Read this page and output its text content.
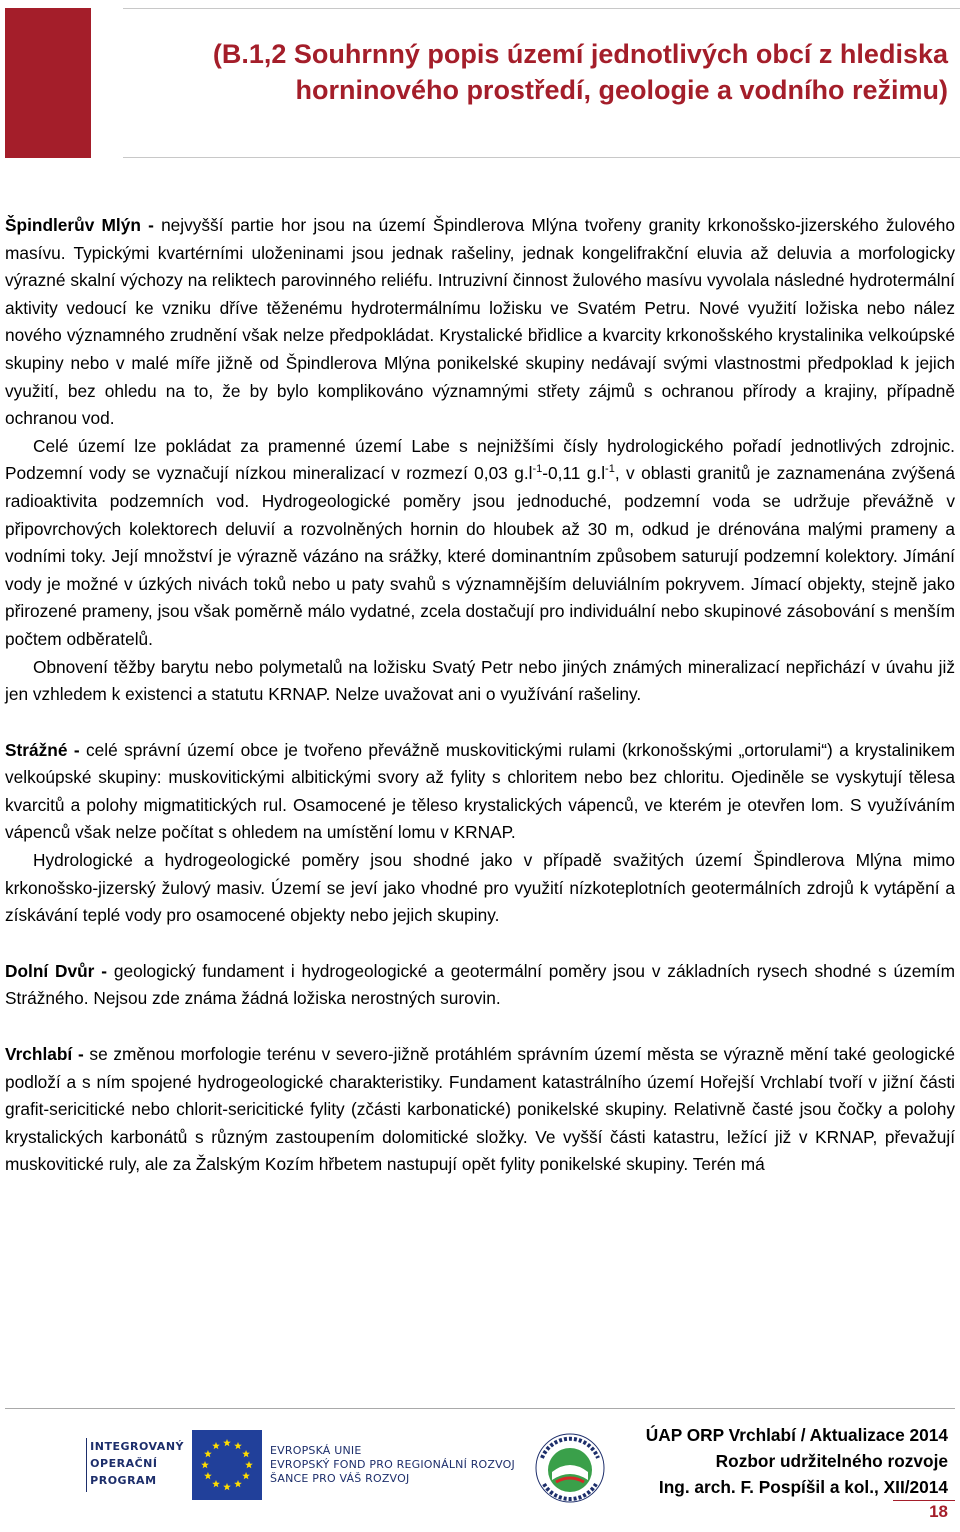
(B.1,2 Souhrnný popis území jednotlivých obcí z hlediska
horninového prostředí, geologie a vodního režimu)

Špindlerův Mlýn - nejvyšší partie hor jsou na území Špindlerova Mlýna tvořeny granity krkonošsko-jizerského žulového masívu. Typickými kvartérními uloženinami jsou jednak rašeliny, jednak kongelifrakční eluvia až deluvia a morfologicky výrazné skalní výchozy na reliktech parovinného reliéfu. Intruzivní činnost žulového masívu vyvolala následné hydrotermální aktivity vedoucí ke vzniku dříve těženému hydrotermálnímu ložisku ve Svatém Petru. Nové využití ložiska nebo nález nového významného zrudnění však nelze předpokládat. Krystalické břidlice a kvarcity krkonošského krystalinika velkoúpské skupiny nebo v malé míře jižně od Špindlerova Mlýna ponikelské skupiny nedávají svými vlastnostmi předpoklad k jejich využití, bez ohledu na to, že by bylo komplikováno významnými střety zájmů s ochranou přírody a krajiny, případně ochranou vod.

Celé území lze pokládat za pramenné území Labe s nejnižšími čísly hydrologického pořadí jednotlivých zdrojnic. Podzemní vody se vyznačují nízkou mineralizací v rozmezí 0,03 $g.l^{-1}-0,11$ $g.l^{-1}$, v oblasti granitů je zaznamenána zvýšená radioaktivita podzemních vod. Hydrogeologické poměry jsou jednoduché, podzemní voda se udržuje převážně v připovrchových kolektorech deluvií a rozvolněných hornin do hloubek až 30 m, odkud je drénována malými prameny a vodními toky. Její množství je výrazně vázáno na srážky, které dominantním způsobem saturují podzemní kolektory. Jímání vody je možné v úzkých nivách toků nebo u paty svahů s významnějším deluviálním pokryvem. Jímací objekty, stejně jako přirozené prameny, jsou však poměrně málo vydatné, zcela dostačují pro individuální nebo skupinové zásobování s menším počtem odběratelů.

Obnovení těžby barytu nebo polymetalů na ložisku Svatý Petr nebo jiných známých mineralizací nepřichází v úvahu již jen vzhledem k existenci a statutu KRNAP. Nelze uvažovat ani o využívání rašeliny.

Strážné - celé správní území obce je tvořeno převážně muskovitickými rulami (krkonošskými „ortorulami“) a krystalinikem velkoúpské skupiny: muskovitickými albitickými svory až fylity s chloritem nebo bez chloritu. Ojediněle se vyskytují tělesa kvarcitů a polohy migmatitických rul. Osamocené je těleso krystalických vápenců, ve kterém je otevřen lom. S využíváním vápenců však nelze počítat s ohledem na umístění lomu v KRNAP.

Hydrologické a hydrogeologické poměry jsou shodné jako v případě svažitých území Špindlerova Mlýna mimo krkonošsko-jizerský žulový masiv. Území se jeví jako vhodné pro využití nízkoteplotních geotermálních zdrojů k vytápění a získávání teplé vody pro osamocené objekty nebo jejich skupiny.

Dolní Dvůr - geologický fundament i hydrogeologické a geotermální poměry jsou v základních rysech shodné s územím Strážného. Nejsou zde známa žádná ložiska nerostných surovin.

Vrchlabí - se změnou morfologie terénu v severo-jižně protáhlém správním území města se výrazně mění také geologické podloží a s ním spojené hydrogeologické charakteristiky. Fundament katastrálního území Hořejší Vrchlabí tvoří v jižní části grafit-sericitické nebo chlorit-sericitické fylity (zčásti karbonatické) ponikelské skupiny. Relativně časté jsou čočky a polohy krystalických karbonátů s různým zastoupením dolomitické složky. Ve vyšší části katastru, ležící již v KRNAP, převažují muskovitické ruly, ale za Žalským Kozím hřbetem nastupují opět fylity ponikelské skupiny. Terén má

INTEGROVANÝ
OPERAČNÍ
PROGRAM
EVROPSKÁ UNIE
EVROPSKÝ FOND PRO REGIONÁLNÍ ROZVOJ
ŠANCE PRO VÁŠ ROZVOJ
ÚAP ORP Vrchlabí / Aktualizace 2014
Rozbor udržitelného rozvoje
Ing. arch. F. Pospíšil a kol., XII/2014
18
